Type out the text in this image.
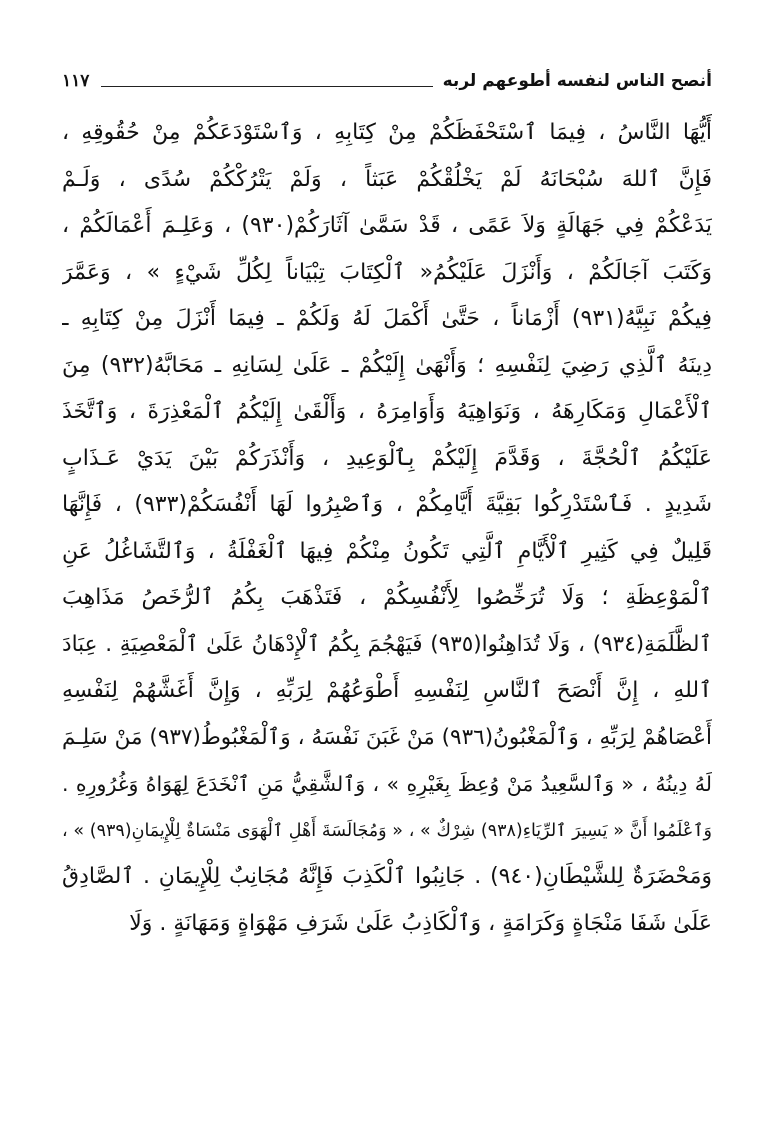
١١٧	أنصح الناس لنفسه أطوعهم لربه
أَيُّهَا النَّاسُ ، فِيمَا ٱسْتَحْفَظَكُمْ مِنْ كِتَابِهِ ، وَٱسْتَوْدَعَكُمْ مِنْ حُقُوقِهِ ،
فَإِنَّ ٱللهَ سُبْحَانَهُ لَمْ يَخْلُقْكُمْ عَبَثاً ، وَلَمْ يَتْرُكْكُمْ سُدًى ، وَلَـمْ
يَدَعْكُمْ فِي جَهَالَةٍ وَلاَ عَمًى ، قَدْ سَمَّىٰ آثَارَكُمْ(٩٣٠) ، وَعَلِـمَ أَعْمَالَكُمْ ،
وَكَتَبَ آجَالَكُمْ ، وَأَنْزَلَ عَلَيْكُمُ« ٱلْكِتَابَ تِبْيَاناً لِكُلِّ شَيْءٍ » ، وَعَمَّرَ
فِيكُمْ نَبِيَّهُ(٩٣١) أَزْمَاناً ، حَتَّىٰ أَكْمَلَ لَهُ وَلَكُمْ ـ فِيمَا أَنْزَلَ مِنْ كِتَابِهِ ـ
دِينَهُ ٱلَّذِي رَضِيَ لِنَفْسِهِ ؛ وَأَنْهَىٰ إِلَيْكُمْ ـ عَلَىٰ لِسَانِهِ ـ مَحَابَّهُ(٩٣٢) مِنَ
ٱلْأَعْمَالِ وَمَكَارِهَهُ ، وَنَوَاهِيَهُ وَأَوَامِرَهُ ، وَأَلْقَىٰ إِلَيْكُمُ ٱلْمَعْذِرَةَ ، وَٱتَّخَذَ
عَلَيْكُمُ ٱلْحُجَّةَ ، وَقَدَّمَ إِلَيْكُمْ بِٱلْوَعِيدِ ، وَأَنْذَرَكُمْ بَيْنَ يَدَيْ عَـذَابٍ
شَدِيدٍ . فَٱسْتَدْرِكُوا بَقِيَّةَ أَيَّامِكُمْ ، وَٱصْبِرُوا لَهَا أَنْفُسَكُمْ(٩٣٣) ، فَإِنَّهَا
قَلِيلٌ فِي كَثِيرِ ٱلْأَيَّامِ ٱلَّتِي تَكُونُ مِنْكُمْ فِيهَا ٱلْغَفْلَةُ ، وَٱلتَّشَاغُلُ عَنِ
ٱلْمَوْعِظَةِ ؛ وَلَا تُرَخِّصُوا لِأَنْفُسِكُمْ ، فَتَذْهَبَ بِكُمُ ٱلرُّخَصُ مَذَاهِبَ
ٱلظَّلَمَةِ(٩٣٤) ، وَلَا تُدَاهِنُوا(٩٣٥) فَيَهْجُمَ بِكُمُ ٱلْإِدْهَانُ عَلَىٰ ٱلْمَعْصِيَةِ . عِبَادَ
ٱللهِ ، إِنَّ أَنْصَحَ ٱلنَّاسِ لِنَفْسِهِ أَطْوَعُهُمْ لِرَبِّهِ ، وَإِنَّ أَغَشَّهُمْ لِنَفْسِهِ
أَعْصَاهُمْ لِرَبِّهِ ، وَٱلْمَغْبُونُ(٩٣٦) مَنْ غَبَنَ نَفْسَهُ ، وَٱلْمَغْبُوطُ(٩٣٧) مَنْ سَلِـمَ
لَهُ دِينُهُ ، « وَٱلسَّعِيدُ مَنْ وُعِظَ بِغَيْرِهِ » ، وَٱلشَّقِيُّ مَنِ ٱنْخَدَعَ لِهَوَاهُ وَغُرُورِهِ .
وَٱعْلَمُوا أَنَّ « يَسِيرَ ٱلرِّيَاءِ(٩٣٨) شِرْكٌ » ، « وَمُجَالَسَةَ أَهْلِ ٱلْهَوَى مَنْسَاةٌ لِلْإِيمَانِ(٩٣٩) » ،
وَمَحْضَرَةٌ لِلشَّيْطَانِ(٩٤٠) . جَانِبُوا ٱلْكَذِبَ فَإِنَّهُ مُجَانِبٌ لِلْإِيمَانِ . ٱلصَّادِقُ
عَلَىٰ شَفَا مَنْجَاةٍ وَكَرَامَةٍ ، وَٱلْكَاذِبُ عَلَىٰ شَرَفِ مَهْوَاةٍ وَمَهَانَةٍ . وَلَا
